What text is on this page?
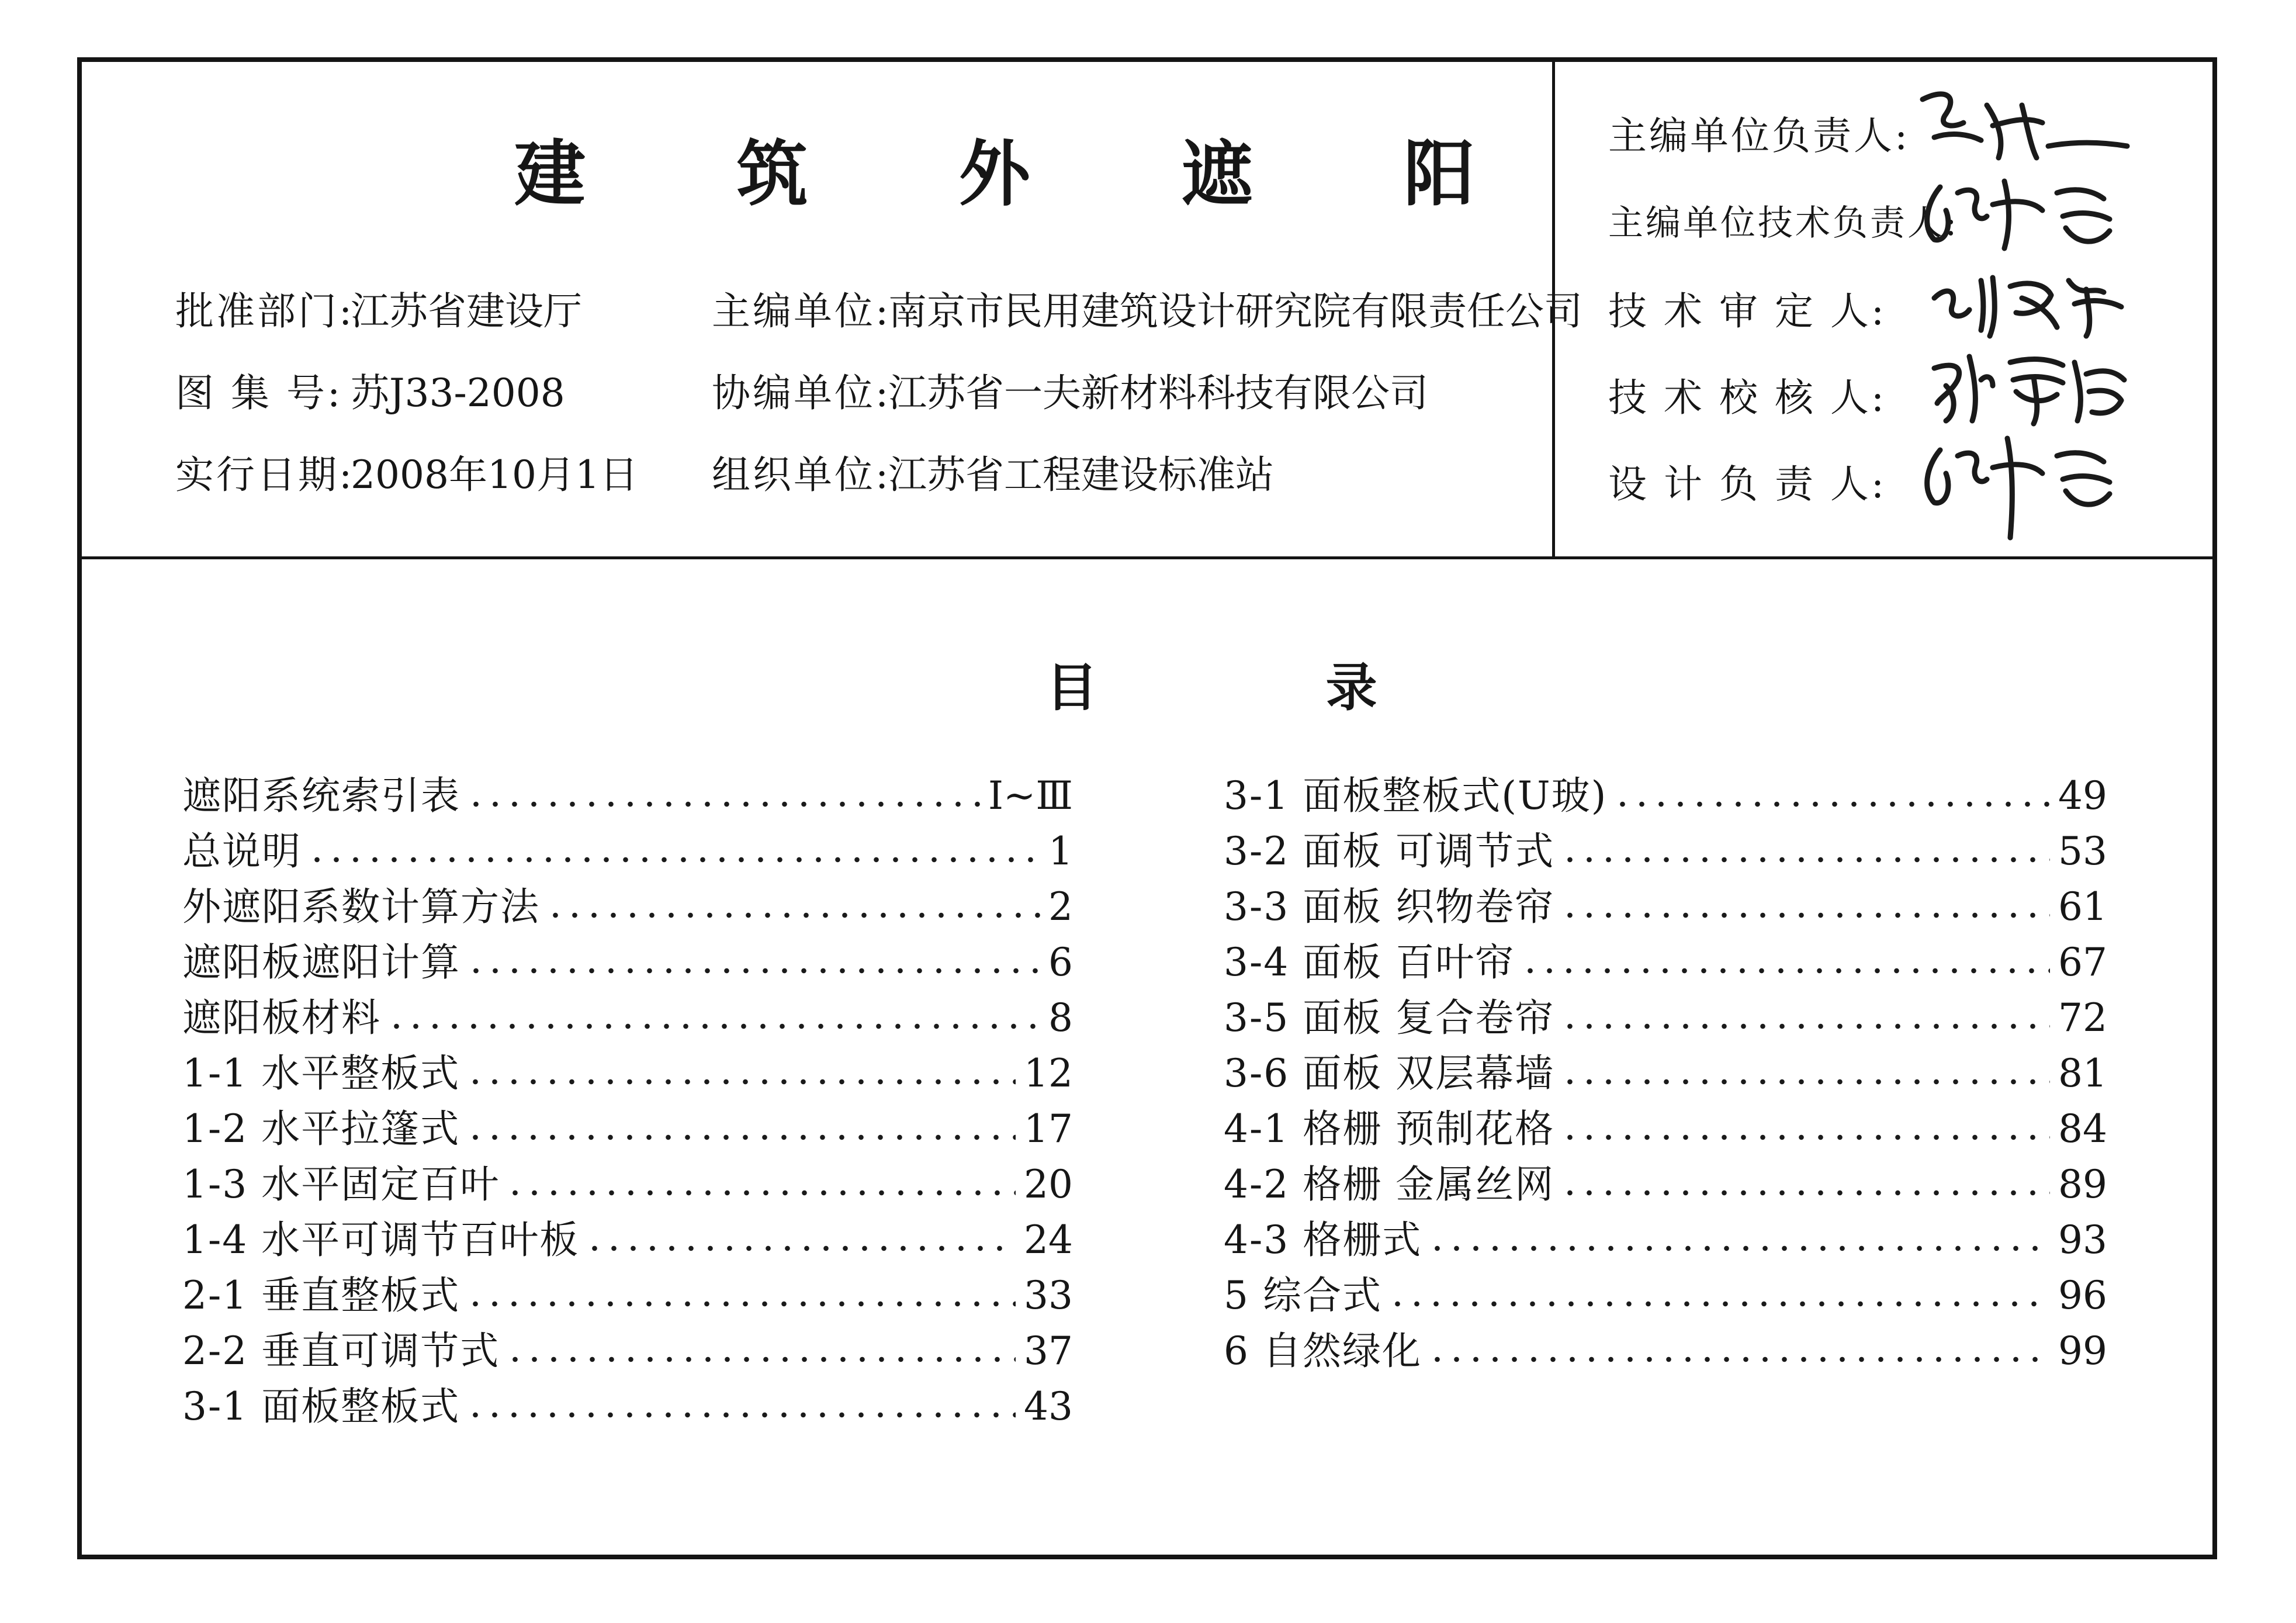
建 筑 外 遮 阳
批准部门:
江苏省建设厅
图 集 号: 苏J33-2008
实行日期:
2008年10月1日
主编单位:
南京市民用建筑设计研究院有限责任公司
协编单位:
江苏省一夫新材料科技有限公司
组织单位:
江苏省工程建设标准站
主编单位负责人:
主编单位技术负责人:
技 术 审 定 人:
技 术 校 核 人:
设 计 负 责 人:
目 录
遮阳系统索引表	Ⅰ~Ⅲ
总说明	1
外遮阳系数计算方法	2
遮阳板遮阳计算	6
遮阳板材料	8
1-1 水平整板式	12
1-2 水平拉篷式	17
1-3 水平固定百叶	20
1-4 水平可调节百叶板	24
2-1 垂直整板式	33
2-2 垂直可调节式	37
3-1 面板整板式	43
3-1 面板整板式(U玻)	49
3-2 面板 可调节式	53
3-3 面板 织物卷帘	61
3-4 面板 百叶帘	67
3-5 面板 复合卷帘	72
3-6 面板 双层幕墙	81
4-1 格栅 预制花格	84
4-2 格栅 金属丝网	89
4-3 格栅式	93
5 综合式	96
6 自然绿化	99
